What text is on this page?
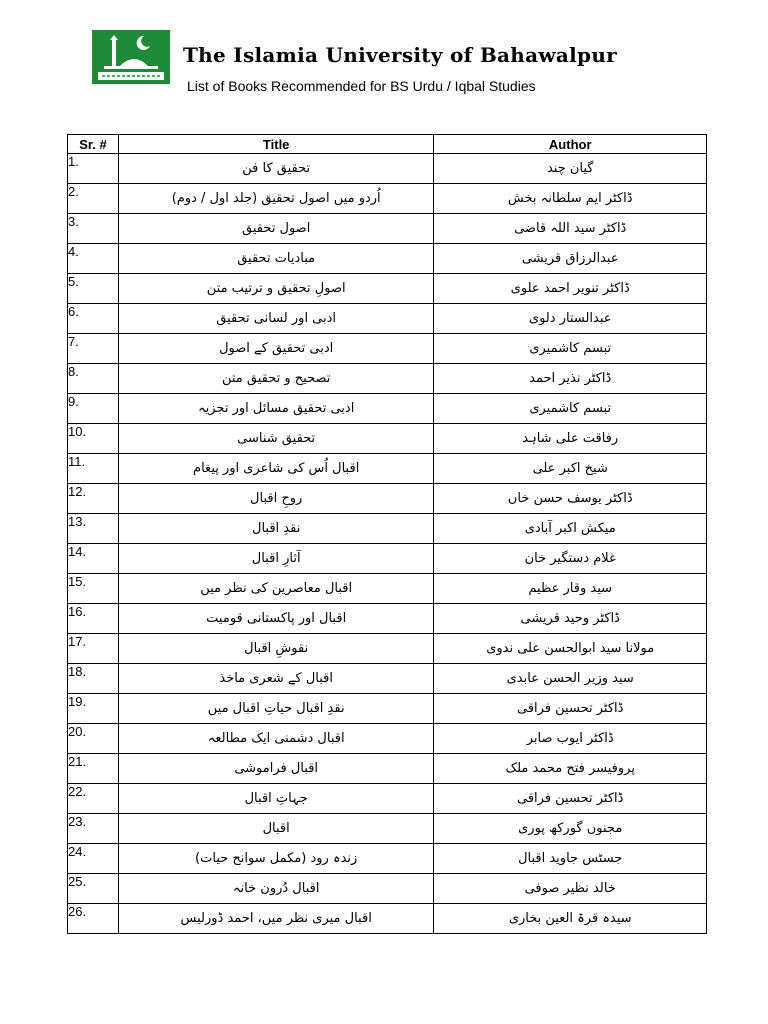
The Islamia University of Bahawalpur
List of Books Recommended for BS Urdu / Iqbal Studies
Sr. #	Title	Author
1.	تحقیق کا فن	گیان چند
2.	اُردو میں اصول تحقیق (جلد اول / دوم)	ڈاکٹر ایم سلطانہ بخش
3.	اصول تحقیق	ڈاکٹر سید اللہ قاضی
4.	مبادیات تحقیق	عبدالرزاق قریشی
5.	اصولِ تحقیق و ترتیب متن	ڈاکٹر تنویر احمد علوی
6.	ادبی اور لسانی تحقیق	عبدالستار دلوی
7.	ادبی تحقیق کے اصول	تبسم کاشمیری
8.	تصحیح و تحقیق متن	ڈاکٹر نذیر احمد
9.	ادبی تحقیق مسائل اور تجزیہ	تبسم کاشمیری
10.	تحقیق شناسی	رفاقت علی شاہد
11.	اقبال اُس کی شاعری اور پیغام	شیخ اکبر علی
12.	روحِ اقبال	ڈاکٹر یوسف حسن خاں
13.	نقدِ اقبال	میکش اکبر آبادی
14.	آثارِ اقبال	غلام دستگیر خان
15.	اقبال معاصرین کی نظر میں	سید وقار عظیم
16.	اقبال اور پاکستانی قومیت	ڈاکٹر وحید قریشی
17.	نقوشِ اقبال	مولانا سید ابوالحسن علی ندوی
18.	اقبال کے شعری ماخذ	سید وزیر الحسن عابدی
19.	نقدِ اقبال حیاتِ اقبال میں	ڈاکٹر تحسین فراقی
20.	اقبال دشمنی ایک مطالعہ	ڈاکٹر ایوب صابر
21.	اقبال فراموشی	پروفیسر فتح محمد ملک
22.	جہاتِ اقبال	ڈاکٹر تحسین فراقی
23.	اقبال	مجنوں گورکھ پوری
24.	زندہ رود (مکمل سوانح حیات)	جسٹس جاوید اقبال
25.	اقبال دُرون خانہ	خالد نظیر صوفی
26.	اقبال میری نظر میں، احمد ڈورلیس	سیدہ قرۃ العین بخاری
